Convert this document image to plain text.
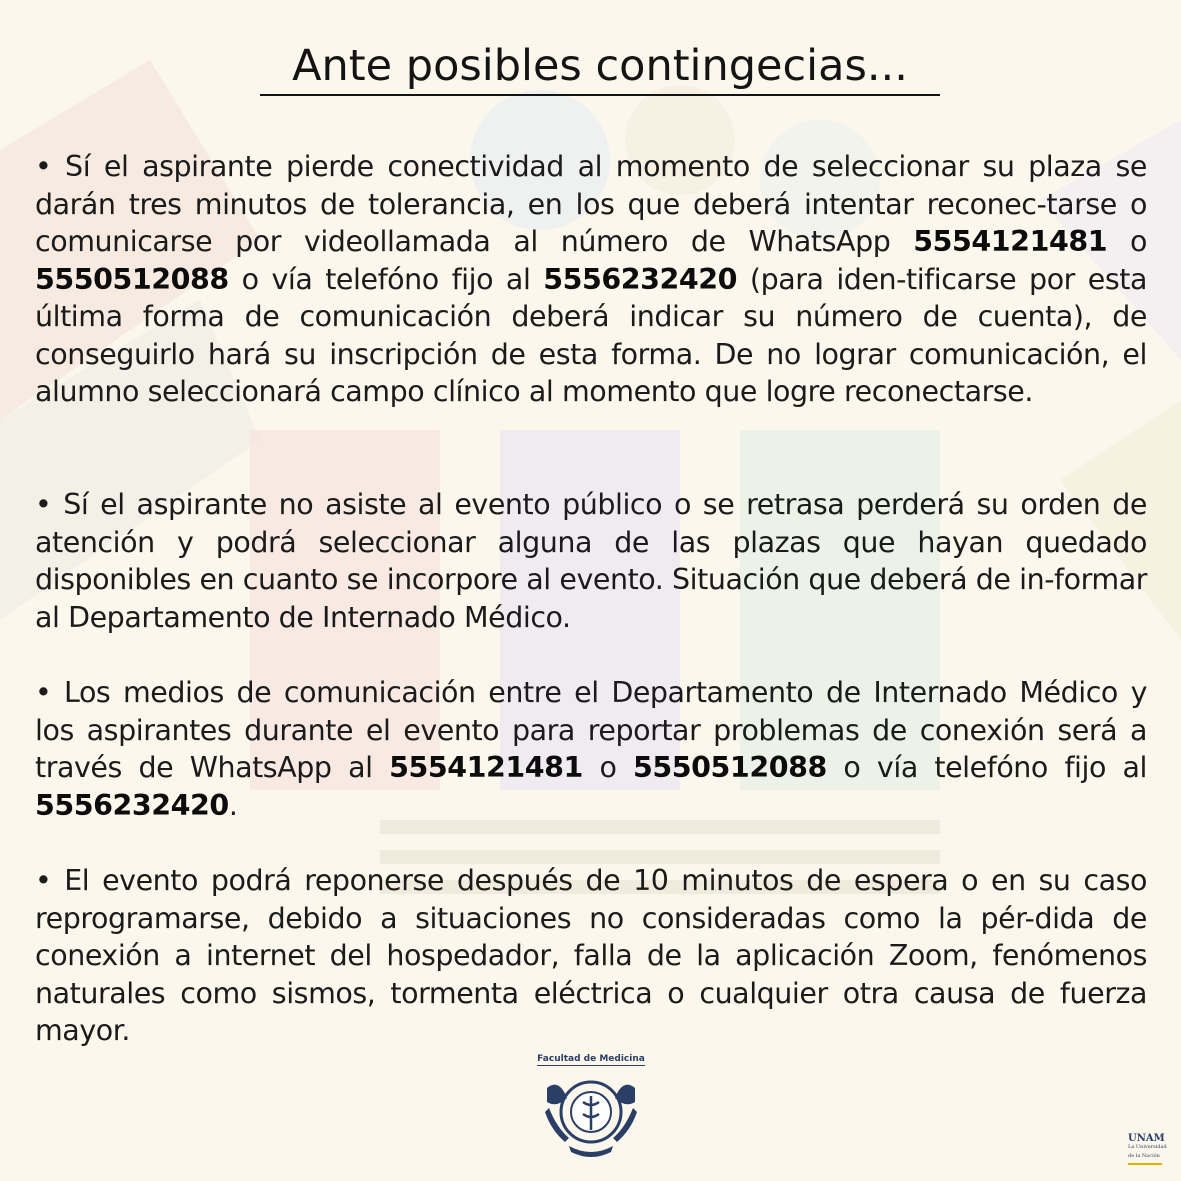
Ante posibles contingecias...

• Sí el aspirante pierde conectividad al momento de seleccionar su plaza se darán tres minutos de tolerancia, en los que deberá intentar reconec-tarse o comunicarse por videollamada al número de WhatsApp 5554121481 o 5550512088 o vía telefóno fijo al 5556232420 (para iden-tificarse por esta última forma de comunicación deberá indicar su número de cuenta), de conseguirlo hará su inscripción de esta forma. De no lograr comunicación, el alumno seleccionará campo clínico al momento que logre reconectarse.

• Sí el aspirante no asiste al evento público o se retrasa perderá su orden de atención y podrá seleccionar alguna de las plazas que hayan quedado disponibles en cuanto se incorpore al evento. Situación que deberá de in-formar al Departamento de Internado Médico.

• Los medios de comunicación entre el Departamento de Internado Médico y los aspirantes durante el evento para reportar problemas de conexión será a través de WhatsApp al 5554121481 o 5550512088 o vía telefóno fijo al 5556232420.

• El evento podrá reponerse después de 10 minutos de espera o en su caso reprogramarse, debido a situaciones no consideradas como la pér-dida de conexión a internet del hospedador, falla de la aplicación Zoom, fenómenos naturales como sismos, tormenta eléctrica o cualquier otra causa de fuerza mayor.

Facultad de Medicina
UNAM
La Universidad
de la Nación
